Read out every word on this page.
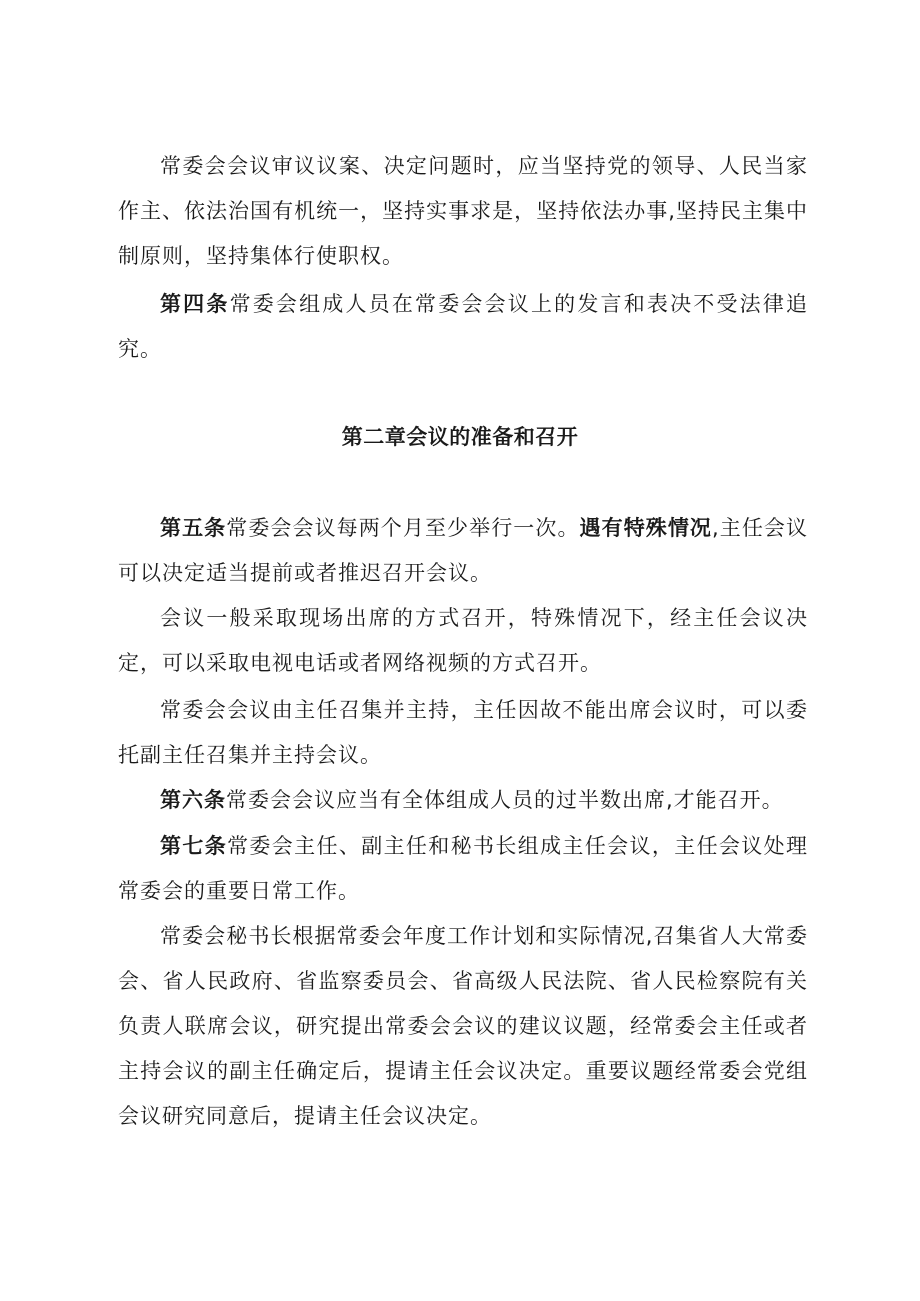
常委会会议审议议案、决定问题时，应当坚持党的领导、人民当家作主、依法治国有机统一，坚持实事求是，坚持依法办事,坚持民主集中制原则，坚持集体行使职权。

第四条常委会组成人员在常委会会议上的发言和表决不受法律追究。

第二章会议的准备和召开

第五条常委会会议每两个月至少举行一次。遇有特殊情况,主任会议可以决定适当提前或者推迟召开会议。

会议一般采取现场出席的方式召开，特殊情况下，经主任会议决定，可以采取电视电话或者网络视频的方式召开。

常委会会议由主任召集并主持，主任因故不能出席会议时，可以委托副主任召集并主持会议。

第六条常委会会议应当有全体组成人员的过半数出席,才能召开。

第七条常委会主任、副主任和秘书长组成主任会议，主任会议处理常委会的重要日常工作。

常委会秘书长根据常委会年度工作计划和实际情况,召集省人大常委会、省人民政府、省监察委员会、省高级人民法院、省人民检察院有关负责人联席会议，研究提出常委会会议的建议议题，经常委会主任或者主持会议的副主任确定后，提请主任会议决定。重要议题经常委会党组会议研究同意后，提请主任会议决定。
